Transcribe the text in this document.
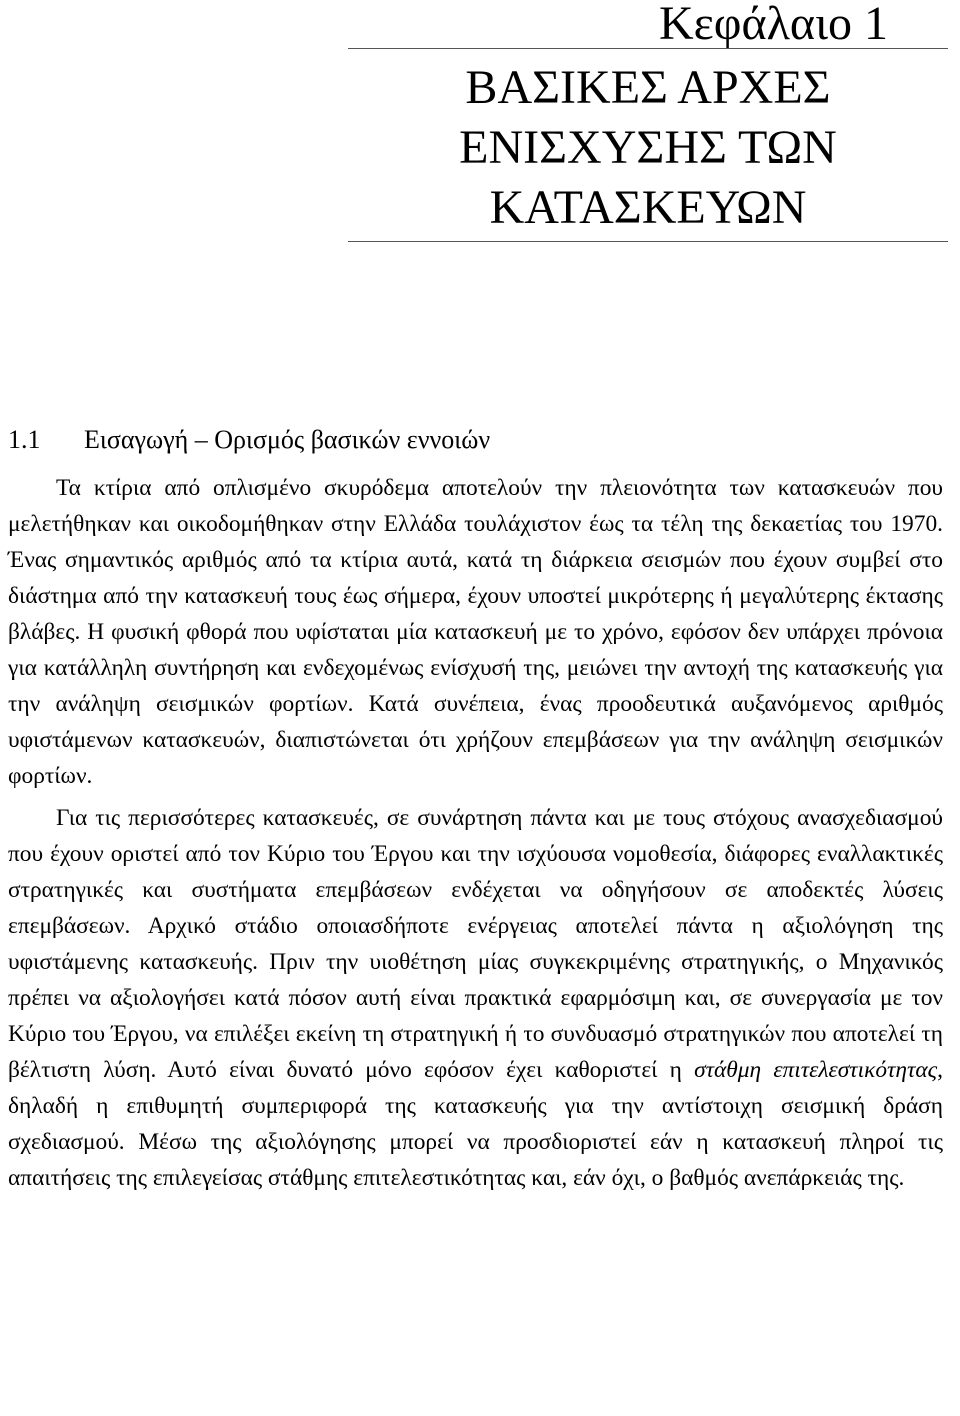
Κεφάλαιο 1
ΒΑΣΙΚΕΣ ΑΡΧΕΣ
ΕΝΙΣΧΥΣΗΣ ΤΩΝ
ΚΑΤΑΣΚΕΥΩΝ
1.1 Εισαγωγή – Ορισμός βασικών εννοιών

Τα κτίρια από οπλισμένο σκυρόδεμα αποτελούν την πλειονότητα των κατασκευών που μελετήθηκαν και οικοδομήθηκαν στην Ελλάδα τουλάχιστον έως τα τέλη της δεκαετίας του 1970. Ένας σημαντικός αριθμός από τα κτίρια αυτά, κατά τη διάρκεια σεισμών που έχουν συμβεί στο διάστημα από την κατασκευή τους έως σήμερα, έχουν υποστεί μικρότερης ή μεγαλύτερης έκτασης βλάβες. Η φυσική φθορά που υφίσταται μία κατασκευή με το χρόνο, εφόσον δεν υπάρχει πρόνοια για κατάλληλη συντήρηση και ενδεχομένως ενίσχυσή της, μειώνει την αντοχή της κατασκευής για την ανάληψη σεισμικών φορτίων. Κατά συνέπεια, ένας προοδευτικά αυξανόμενος αριθμός υφιστάμενων κατασκευών, διαπιστώνεται ότι χρήζουν επεμβάσεων για την ανάληψη σεισμικών φορτίων.

Για τις περισσότερες κατασκευές, σε συνάρτηση πάντα και με τους στόχους ανασχεδιασμού που έχουν οριστεί από τον Κύριο του Έργου και την ισχύουσα νομοθεσία, διάφορες εναλλακτικές στρατηγικές και συστήματα επεμβάσεων ενδέχεται να οδηγήσουν σε αποδεκτές λύσεις επεμβάσεων. Αρχικό στάδιο οποιασδήποτε ενέργειας αποτελεί πάντα η αξιολόγηση της υφιστάμενης κατασκευής. Πριν την υιοθέτηση μίας συγκεκριμένης στρατηγικής, ο Μηχανικός πρέπει να αξιολογήσει κατά πόσον αυτή είναι πρακτικά εφαρμόσιμη και, σε συνεργασία με τον Κύριο του Έργου, να επιλέξει εκείνη τη στρατηγική ή το συνδυασμό στρατηγικών που αποτελεί τη βέλτιστη λύση. Αυτό είναι δυνατό μόνο εφόσον έχει καθοριστεί η στάθμη επιτελεστικότητας, δηλαδή η επιθυμητή συμπεριφορά της κατασκευής για την αντίστοιχη σεισμική δράση σχεδιασμού. Μέσω της αξιολόγησης μπορεί να προσδιοριστεί εάν η κατασκευή πληροί τις απαιτήσεις της επιλεγείσας στάθμης επιτελεστικότητας και, εάν όχι, ο βαθμός ανεπάρκειάς της.
